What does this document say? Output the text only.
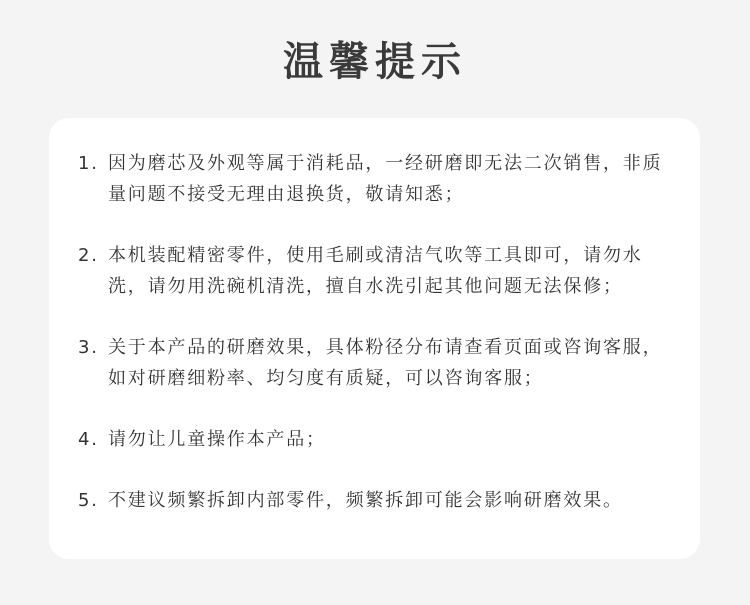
温馨提示
1. 因为磨芯及外观等属于消耗品，一经研磨即无法二次销售，非质量问题不接受无理由退换货，敬请知悉；
2. 本机装配精密零件，使用毛刷或清洁气吹等工具即可，请勿水洗，请勿用洗碗机清洗，擅自水洗引起其他问题无法保修；
3. 关于本产品的研磨效果，具体粉径分布请查看页面或咨询客服，如对研磨细粉率、均匀度有质疑，可以咨询客服；
4. 请勿让儿童操作本产品；
5. 不建议频繁拆卸内部零件，频繁拆卸可能会影响研磨效果。
